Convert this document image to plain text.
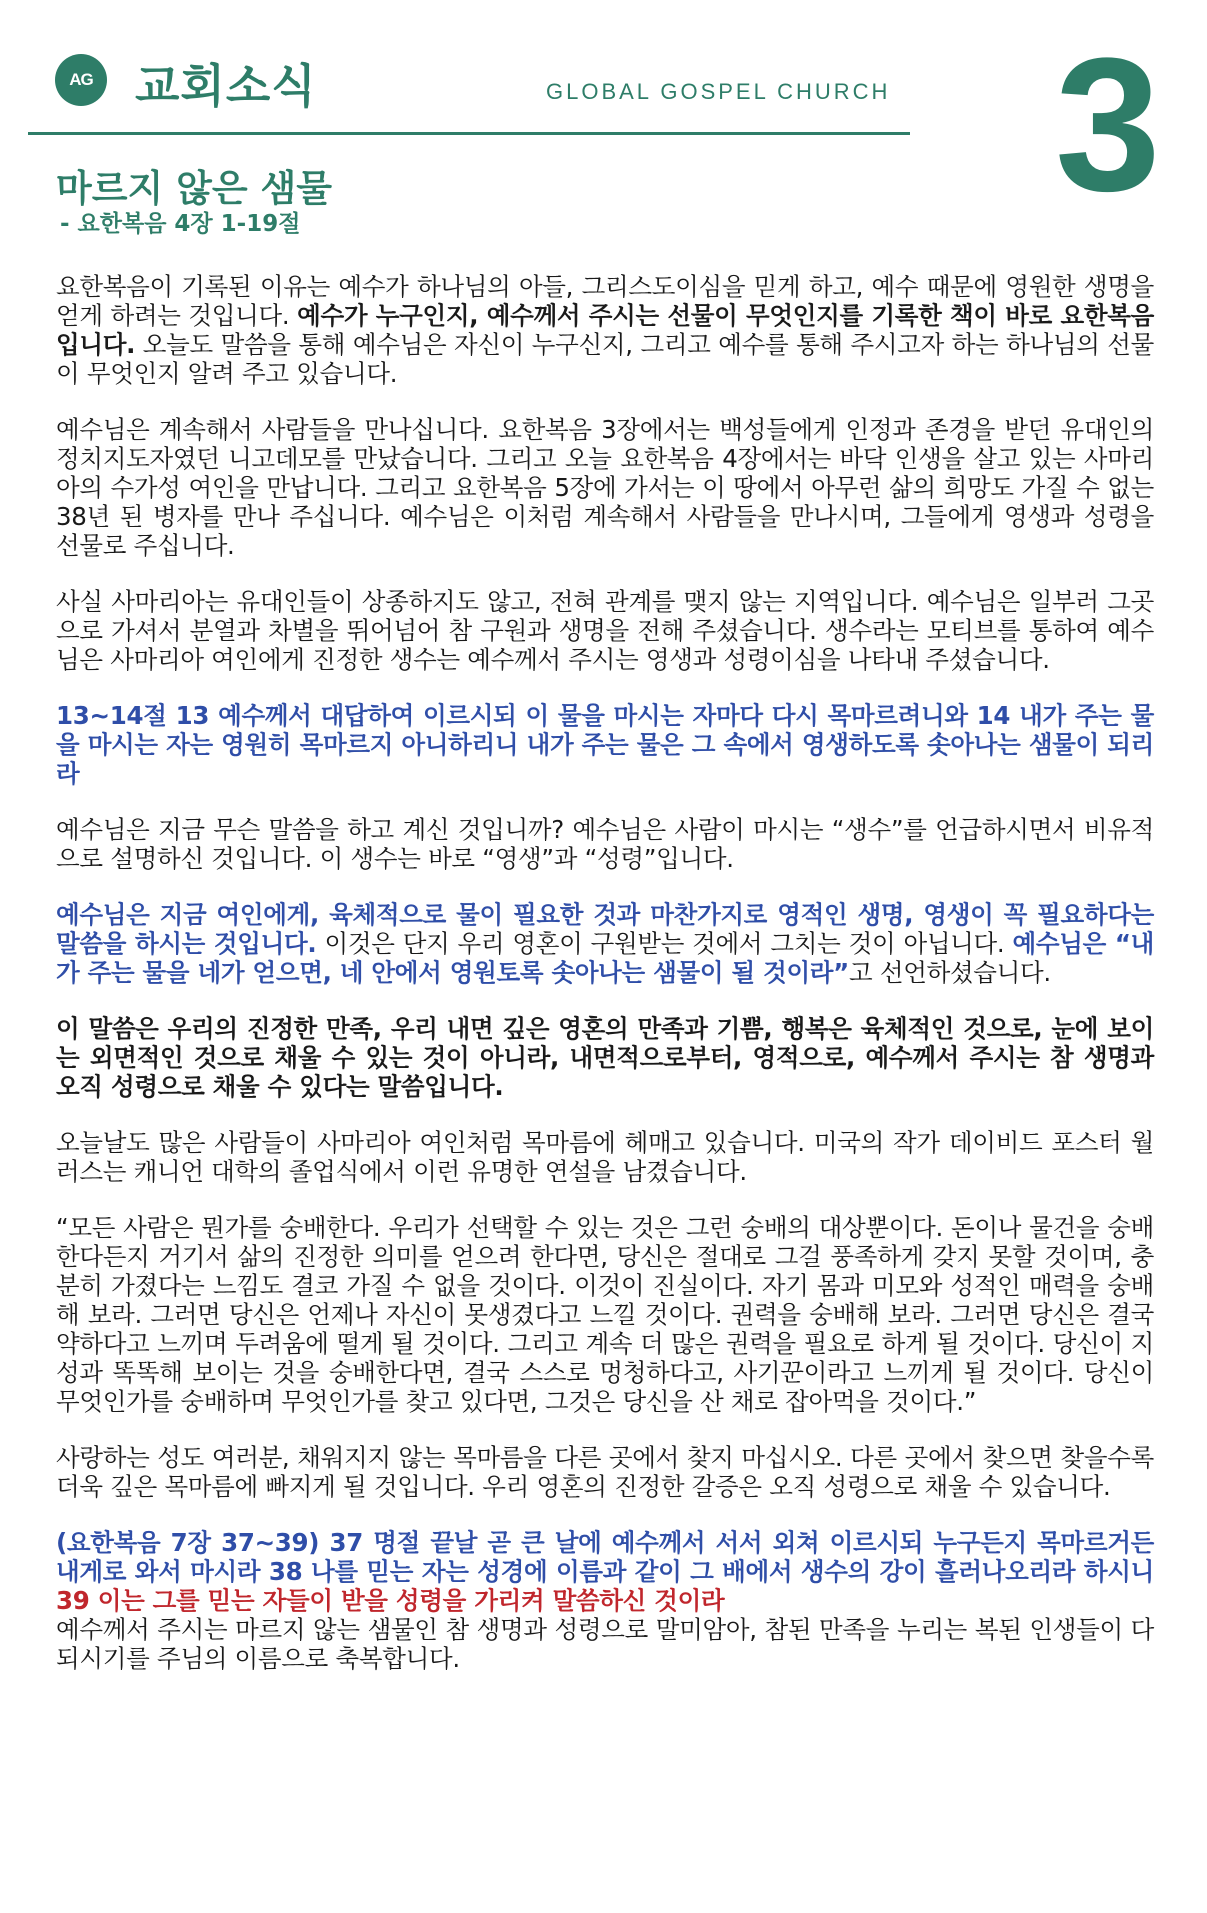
AG 교회소식	GLOBAL GOSPEL CHURCH 3
마르지 않은 샘물
- 요한복음 4장 1-19절

요한복음이 기록된 이유는 예수가 하나님의 아들, 그리스도이심을 믿게 하고, 예수 때문에 영원한 생명을 얻게 하려는 것입니다. 예수가 누구인지, 예수께서 주시는 선물이 무엇인지를 기록한 책이 바로 요한복음입니다. 오늘도 말씀을 통해 예수님은 자신이 누구신지, 그리고 예수를 통해 주시고자 하는 하나님의 선물이 무엇인지 알려 주고 있습니다.

예수님은 계속해서 사람들을 만나십니다. 요한복음 3장에서는 백성들에게 인정과 존경을 받던 유대인의 정치지도자였던 니고데모를 만났습니다. 그리고 오늘 요한복음 4장에서는 바닥 인생을 살고 있는 사마리아의 수가성 여인을 만납니다. 그리고 요한복음 5장에 가서는 이 땅에서 아무런 삶의 희망도 가질 수 없는 38년 된 병자를 만나 주십니다. 예수님은 이처럼 계속해서 사람들을 만나시며, 그들에게 영생과 성령을 선물로 주십니다.

사실 사마리아는 유대인들이 상종하지도 않고, 전혀 관계를 맺지 않는 지역입니다. 예수님은 일부러 그곳으로 가셔서 분열과 차별을 뛰어넘어 참 구원과 생명을 전해 주셨습니다. 생수라는 모티브를 통하여 예수님은 사마리아 여인에게 진정한 생수는 예수께서 주시는 영생과 성령이심을 나타내 주셨습니다.

13~14절 13 예수께서 대답하여 이르시되 이 물을 마시는 자마다 다시 목마르려니와 14 내가 주는 물을 마시는 자는 영원히 목마르지 아니하리니 내가 주는 물은 그 속에서 영생하도록 솟아나는 샘물이 되리라

예수님은 지금 무슨 말씀을 하고 계신 것입니까? 예수님은 사람이 마시는 “생수”를 언급하시면서 비유적으로 설명하신 것입니다. 이 생수는 바로 “영생”과 “성령”입니다.

예수님은 지금 여인에게, 육체적으로 물이 필요한 것과 마찬가지로 영적인 생명, 영생이 꼭 필요하다는 말씀을 하시는 것입니다. 이것은 단지 우리 영혼이 구원받는 것에서 그치는 것이 아닙니다. 예수님은 “내가 주는 물을 네가 얻으면, 네 안에서 영원토록 솟아나는 샘물이 될 것이라”고 선언하셨습니다.

이 말씀은 우리의 진정한 만족, 우리 내면 깊은 영혼의 만족과 기쁨, 행복은 육체적인 것으로, 눈에 보이는 외면적인 것으로 채울 수 있는 것이 아니라, 내면적으로부터, 영적으로, 예수께서 주시는 참 생명과 오직 성령으로 채울 수 있다는 말씀입니다.

오늘날도 많은 사람들이 사마리아 여인처럼 목마름에 헤매고 있습니다. 미국의 작가 데이비드 포스터 월러스는 캐니언 대학의 졸업식에서 이런 유명한 연설을 남겼습니다.

“모든 사람은 뭔가를 숭배한다. 우리가 선택할 수 있는 것은 그런 숭배의 대상뿐이다. 돈이나 물건을 숭배한다든지 거기서 삶의 진정한 의미를 얻으려 한다면, 당신은 절대로 그걸 풍족하게 갖지 못할 것이며, 충분히 가졌다는 느낌도 결코 가질 수 없을 것이다. 이것이 진실이다. 자기 몸과 미모와 성적인 매력을 숭배해 보라. 그러면 당신은 언제나 자신이 못생겼다고 느낄 것이다. 권력을 숭배해 보라. 그러면 당신은 결국 약하다고 느끼며 두려움에 떨게 될 것이다. 그리고 계속 더 많은 권력을 필요로 하게 될 것이다. 당신이 지성과 똑똑해 보이는 것을 숭배한다면, 결국 스스로 멍청하다고, 사기꾼이라고 느끼게 될 것이다. 당신이 무엇인가를 숭배하며 무엇인가를 찾고 있다면, 그것은 당신을 산 채로 잡아먹을 것이다.”

사랑하는 성도 여러분, 채워지지 않는 목마름을 다른 곳에서 찾지 마십시오. 다른 곳에서 찾으면 찾을수록 더욱 깊은 목마름에 빠지게 될 것입니다. 우리 영혼의 진정한 갈증은 오직 성령으로 채울 수 있습니다.

(요한복음 7장 37~39) 37 명절 끝날 곧 큰 날에 예수께서 서서 외쳐 이르시되 누구든지 목마르거든 내게로 와서 마시라 38 나를 믿는 자는 성경에 이름과 같이 그 배에서 생수의 강이 흘러나오리라 하시니 39 이는 그를 믿는 자들이 받을 성령을 가리켜 말씀하신 것이라

예수께서 주시는 마르지 않는 샘물인 참 생명과 성령으로 말미암아, 참된 만족을 누리는 복된 인생들이 다 되시기를 주님의 이름으로 축복합니다.
